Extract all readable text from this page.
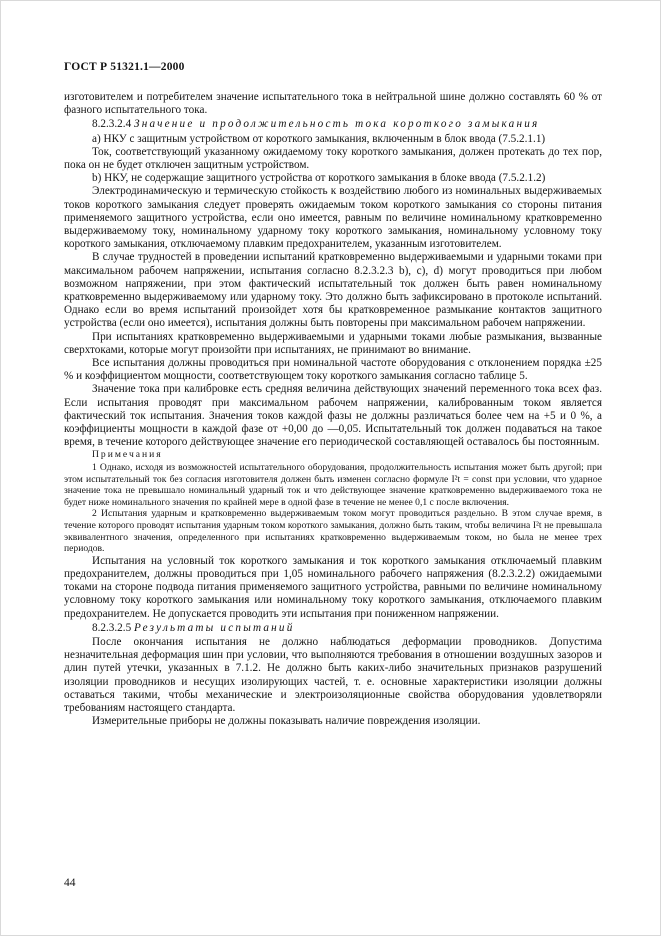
ГОСТ Р 51321.1—2000

изготовителем и потребителем значение испытательного тока в нейтральной шине должно составлять 60 % от фазного испытательного тока.

8.2.3.2.4 Значение и продолжительность тока короткого замыкания

а) НКУ с защитным устройством от короткого замыкания, включенным в блок ввода (7.5.2.1.1)

Ток, соответствующий указанному ожидаемому току короткого замыкания, должен протекать до тех пор, пока он не будет отключен защитным устройством.

b) НКУ, не содержащие защитного устройства от короткого замыкания в блоке ввода (7.5.2.1.2)

Электродинамическую и термическую стойкость к воздействию любого из номинальных выдерживаемых токов короткого замыкания следует проверять ожидаемым током короткого замыкания со стороны питания применяемого защитного устройства, если оно имеется, равным по величине номинальному кратковременно выдерживаемому току, номинальному ударному току короткого замыкания, номинальному условному току короткого замыкания, отключаемому плавким предохранителем, указанным изготовителем.

В случае трудностей в проведении испытаний кратковременно выдерживаемыми и ударными токами при максимальном рабочем напряжении, испытания согласно 8.2.3.2.3 b), c), d) могут проводиться при любом возможном напряжении, при этом фактический испытательный ток должен быть равен номинальному кратковременно выдерживаемому или ударному току. Это должно быть зафиксировано в протоколе испытаний. Однако если во время испытаний произойдет хотя бы кратковременное размыкание контактов защитного устройства (если оно имеется), испытания должны быть повторены при максимальном рабочем напряжении.

При испытаниях кратковременно выдерживаемыми и ударными токами любые размыкания, вызванные сверхтоками, которые могут произойти при испытаниях, не принимают во внимание.

Все испытания должны проводиться при номинальной частоте оборудования с отклонением порядка ±25 % и коэффициентом мощности, соответствующем току короткого замыкания согласно таблице 5.

Значение тока при калибровке есть средняя величина действующих значений переменного тока всех фаз. Если испытания проводят при максимальном рабочем напряжении, калиброванным током является фактический ток испытания. Значения токов каждой фазы не должны различаться более чем на +5 и 0 %, а коэффициенты мощности в каждой фазе от +0,00 до —0,05. Испытательный ток должен подаваться на такое время, в течение которого действующее значение его периодической составляющей оставалось бы постоянным.

Примечания

1 Однако, исходя из возможностей испытательного оборудования, продолжительность испытания может быть другой; при этом испытательный ток без согласия изготовителя должен быть изменен согласно формуле I²t = const при условии, что ударное значение тока не превышало номинальный ударный ток и что действующее значение кратковременно выдерживаемого тока не будет ниже номинального значения по крайней мере в одной фазе в течение не менее 0,1 с после включения.

2 Испытания ударным и кратковременно выдерживаемым током могут проводиться раздельно. В этом случае время, в течение которого проводят испытания ударным током короткого замыкания, должно быть таким, чтобы величина I²t не превышала эквивалентного значения, определенного при испытаниях кратковременно выдерживаемым током, но была не менее трех периодов.

Испытания на условный ток короткого замыкания и ток короткого замыкания отключаемый плавким предохранителем, должны проводиться при 1,05 номинального рабочего напряжения (8.2.3.2.2) ожидаемыми токами на стороне подвода питания применяемого защитного устройства, равными по величине номинальному условному току короткого замыкания или номинальному току короткого замыкания, отключаемого плавким предохранителем. Не допускается проводить эти испытания при пониженном напряжении.

8.2.3.2.5 Результаты испытаний

После окончания испытания не должно наблюдаться деформации проводников. Допустима незначительная деформация шин при условии, что выполняются требования в отношении воздушных зазоров и длин путей утечки, указанных в 7.1.2. Не должно быть каких-либо значительных признаков разрушений изоляции проводников и несущих изолирующих частей, т. е. основные характеристики изоляции должны оставаться такими, чтобы механические и электроизоляционные свойства оборудования удовлетворяли требованиям настоящего стандарта.

Измерительные приборы не должны показывать наличие повреждения изоляции.

44
